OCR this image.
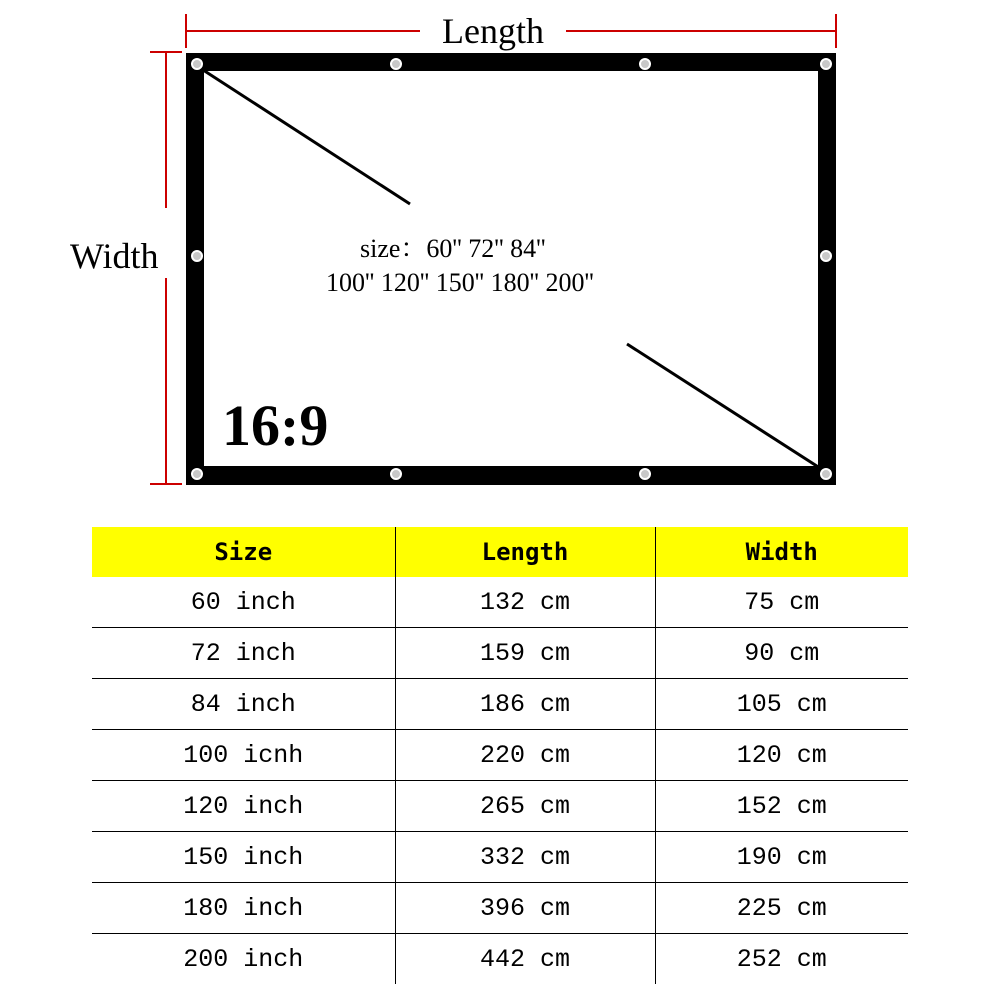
Length
Width	size：60'' 72'' 84''
100'' 120'' 150'' 180'' 200''
16:9
Size	Length	Width
60 inch	132 cm	75 cm
72 inch	159 cm	90 cm
84 inch	186 cm	105 cm
100 icnh	220 cm	120 cm
120 inch	265 cm	152 cm
150 inch	332 cm	190 cm
180 inch	396 cm	225 cm
200 inch	442 cm	252 cm
